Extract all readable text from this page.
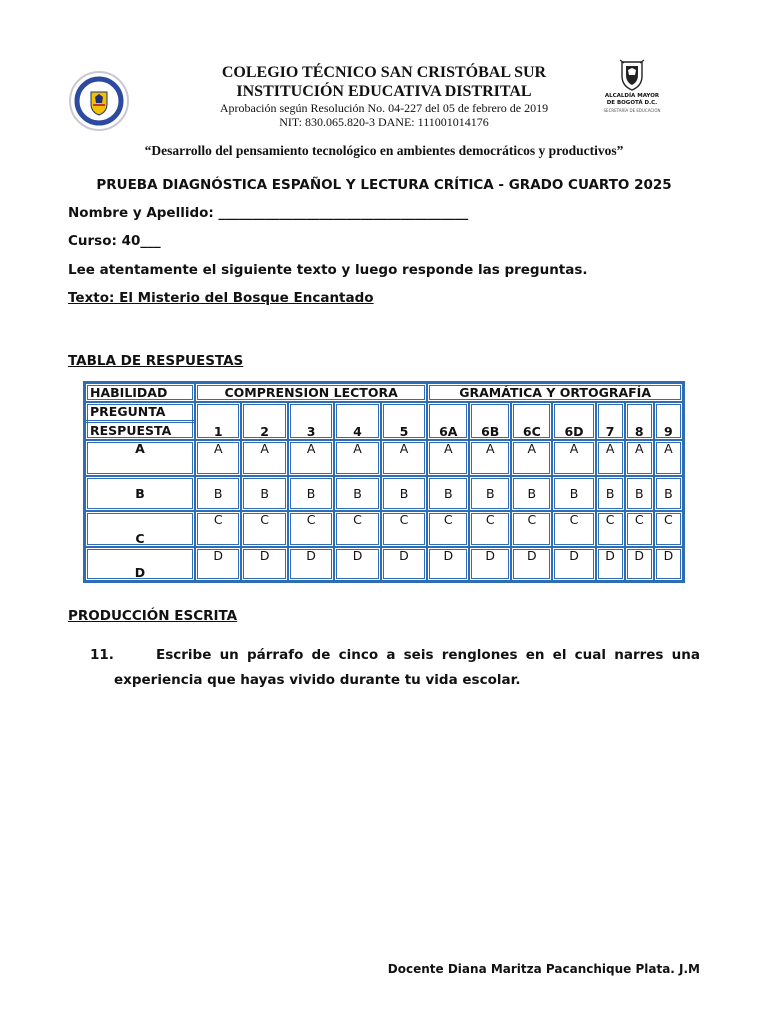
I.E.D
ALCALDÍA MAYOR
DE BOGOTÁ D.C.
SECRETARÍA DE EDUCACIÓN
COLEGIO TÉCNICO SAN CRISTÓBAL SUR
INSTITUCIÓN EDUCATIVA DISTRITAL
Aprobación según Resolución No. 04-227 del 05 de febrero de 2019
NIT: 830.065.820-3 DANE: 111001014176
“Desarrollo del pensamiento tecnológico en ambientes democráticos y productivos”
PRUEBA DIAGNÓSTICA ESPAÑOL Y LECTURA CRÍTICA - GRADO CUARTO 2025
Nombre y Apellido: _____________________________________
Curso: 40___
Lee atentamente el siguiente texto y luego responde las preguntas.
Texto: El Misterio del Bosque Encantado
TABLA DE RESPUESTAS
HABILIDAD	COMPRENSION LECTORA					GRAMÁTICA Y ORTOGRAFÍA						

PREGUNTA
RESPUESTA	1	2	3	4	5	6A	6B	6C	6D	7	8	9
A	A	A	A	A	A	A	A	A	A	A	A	A
B	B	B	B	B	B	B	B	B	B	B	B	B
C	C	C	C	C	C	C	C	C	C	C	C	C
D	D	D	D	D	D	D	D	D	D	D	D	D
PRODUCCIÓN ESCRITA
11.	Escribe un párrafo de cinco a seis renglones en el cual narres una
experiencia que hayas vivido durante tu vida escolar.
Docente Diana Maritza Pacanchique Plata. J.M
